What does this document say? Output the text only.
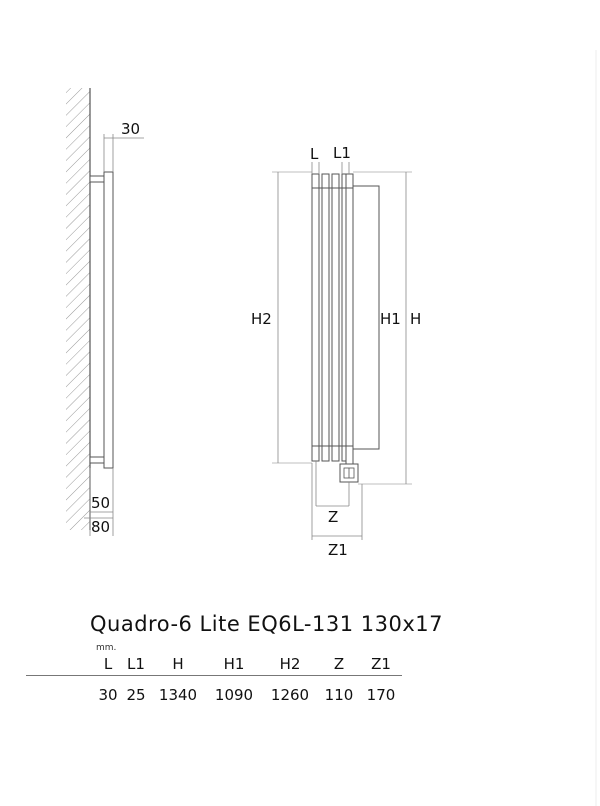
30
50
80
L L1
H2	H1 H
Z
Z1
Quadro-6 Lite EQ6L-131 130x17
mm.
	L	L1	H	H1	H2	Z	Z1
	30	25	1340	1090	1260	110	170
